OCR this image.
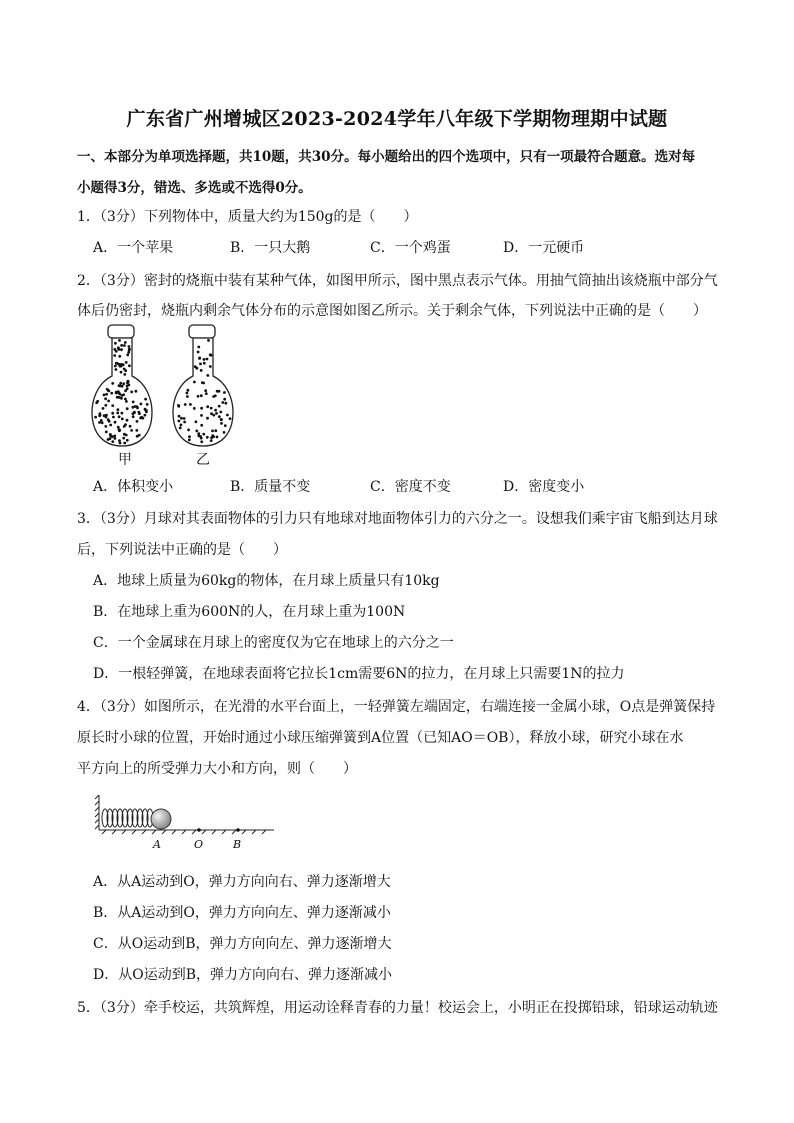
广东省广州增城区2023-2024学年八年级下学期物理期中试题
一、本部分为单项选择题，共10题，共30分。每小题给出的四个选项中，只有一项最符合题意。选对每
小题得3分，错选、多选或不选得0分。
1．（3分）下列物体中，质量大约为150g的是（　　）
A．一个苹果	B．一只大鹅	C．一个鸡蛋	D．一元硬币
2．（3分）密封的烧瓶中装有某种气体，如图甲所示，图中黑点表示气体。用抽气筒抽出该烧瓶中部分气
体后仍密封，烧瓶内剩余气体分布的示意图如图乙所示。关于剩余气体，下列说法中正确的是（　　）
甲	乙
A．体积变小	B．质量不变	C．密度不变	D．密度变小
3．（3分）月球对其表面物体的引力只有地球对地面物体引力的六分之一。设想我们乘宇宙飞船到达月球
后，下列说法中正确的是（　　）
A．地球上质量为60kg的物体，在月球上质量只有10kg
B．在地球上重为600N的人，在月球上重为100N
C．一个金属球在月球上的密度仅为它在地球上的六分之一
D．一根轻弹簧，在地球表面将它拉长1cm需要6N的拉力，在月球上只需要1N的拉力
4．（3分）如图所示，在光滑的水平台面上，一轻弹簧左端固定，右端连接一金属小球，O点是弹簧保持
原长时小球的位置，开始时通过小球压缩弹簧到A位置（已知AO＝OB），释放小球，研究小球在水
平方向上的所受弹力大小和方向，则（　　）
A	O	B
A．从A运动到O，弹力方向向右、弹力逐渐增大
B．从A运动到O，弹力方向向左、弹力逐渐减小
C．从O运动到B，弹力方向向左、弹力逐渐增大
D．从O运动到B，弹力方向向右、弹力逐渐减小
5．（3分）牵手校运，共筑辉煌，用运动诠释青春的力量！校运会上，小明正在投掷铅球，铅球运动轨迹
